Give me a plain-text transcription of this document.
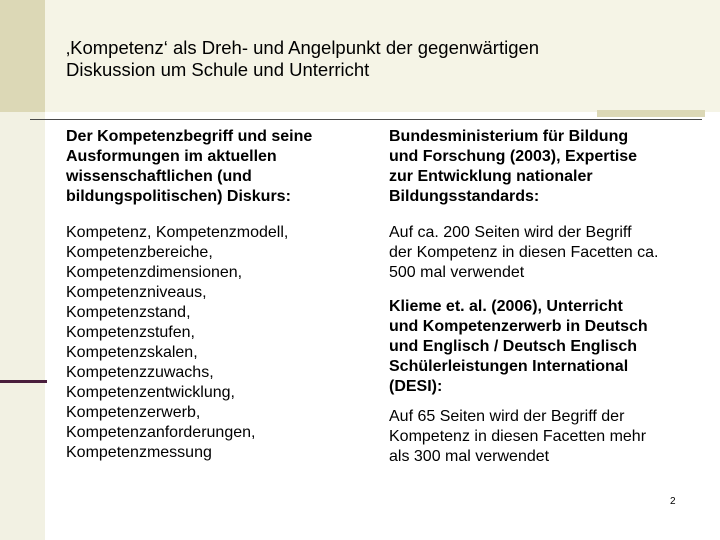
‚Kompetenz‘ als Dreh- und Angelpunkt der gegenwärtigen
Diskussion um Schule und Unterricht
Der Kompetenzbegriff und seine
Ausformungen im aktuellen
wissenschaftlichen (und
bildungspolitischen) Diskurs:
Kompetenz, Kompetenzmodell,
Kompetenzbereiche,
Kompetenzdimensionen,
Kompetenzniveaus,
Kompetenzstand,
Kompetenzstufen,
Kompetenzskalen,
Kompetenzzuwachs,
Kompetenzentwicklung,
Kompetenzerwerb,
Kompetenzanforderungen,
Kompetenzmessung
Bundesministerium für Bildung
und Forschung (2003), Expertise
zur Entwicklung nationaler
Bildungsstandards:
Auf ca. 200 Seiten wird der Begriff
der Kompetenz in diesen Facetten ca.
500 mal verwendet
Klieme et. al. (2006), Unterricht
und Kompetenzerwerb in Deutsch
und Englisch / Deutsch Englisch
Schülerleistungen International
(DESI):
Auf 65 Seiten wird der Begriff der
Kompetenz in diesen Facetten mehr
als 300 mal verwendet
2
